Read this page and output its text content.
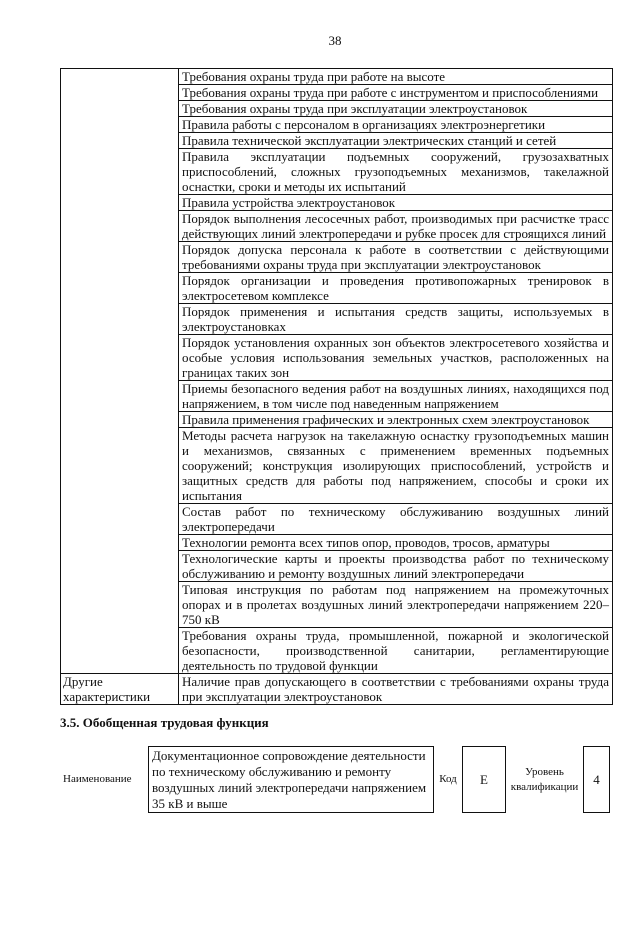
38
Требования охраны труда при работе на высоте
Требования охраны труда при работе с инструментом и приспособлениями
Требования охраны труда при эксплуатации электроустановок
Правила работы с персоналом в организациях электроэнергетики
Правила технической эксплуатации электрических станций и сетей
Правила эксплуатации подъемных сооружений, грузозахватных приспособлений, сложных грузоподъемных механизмов, такелажной оснастки, сроки и методы их испытаний
Правила устройства электроустановок
Порядок выполнения лесосечных работ, производимых при расчистке трасс действующих линий электропередачи и рубке просек для строящихся линий
Порядок допуска персонала к работе в соответствии с действующими требованиями охраны труда при эксплуатации электроустановок
Порядок организации и проведения противопожарных тренировок в электросетевом комплексе
Порядок применения и испытания средств защиты, используемых в электроустановках
Порядок установления охранных зон объектов электросетевого хозяйства и особые условия использования земельных участков, расположенных на границах таких зон
Приемы безопасного ведения работ на воздушных линиях, находящихся под напряжением, в том числе под наведенным напряжением
Правила применения графических и электронных схем электроустановок
Методы расчета нагрузок на такелажную оснастку грузоподъемных машин и механизмов, связанных с применением временных подъемных сооружений; конструкция изолирующих приспособлений, устройств и защитных средств для работы под напряжением, способы и сроки их испытания
Состав работ по техническому обслуживанию воздушных линий электропередачи
Технологии ремонта всех типов опор, проводов, тросов, арматуры
Технологические карты и проекты производства работ по техническому обслуживанию и ремонту воздушных линий электропередачи
Типовая инструкция по работам под напряжением на промежуточных опорах и в пролетах воздушных линий электропередачи напряжением 220–750 кВ
Требования охраны труда, промышленной, пожарной и экологической безопасности, производственной санитарии, регламентирующие деятельность по трудовой функции
Другие характеристики
Наличие прав допускающего в соответствии с требованиями охраны труда при эксплуатации электроустановок
3.5. Обобщенная трудовая функция
Наименование
Документационное сопровождение деятельности по техническому обслуживанию и ремонту воздушных линий электропередачи напряжением 35 кВ и выше
Код E	Уровень квалификации	4
